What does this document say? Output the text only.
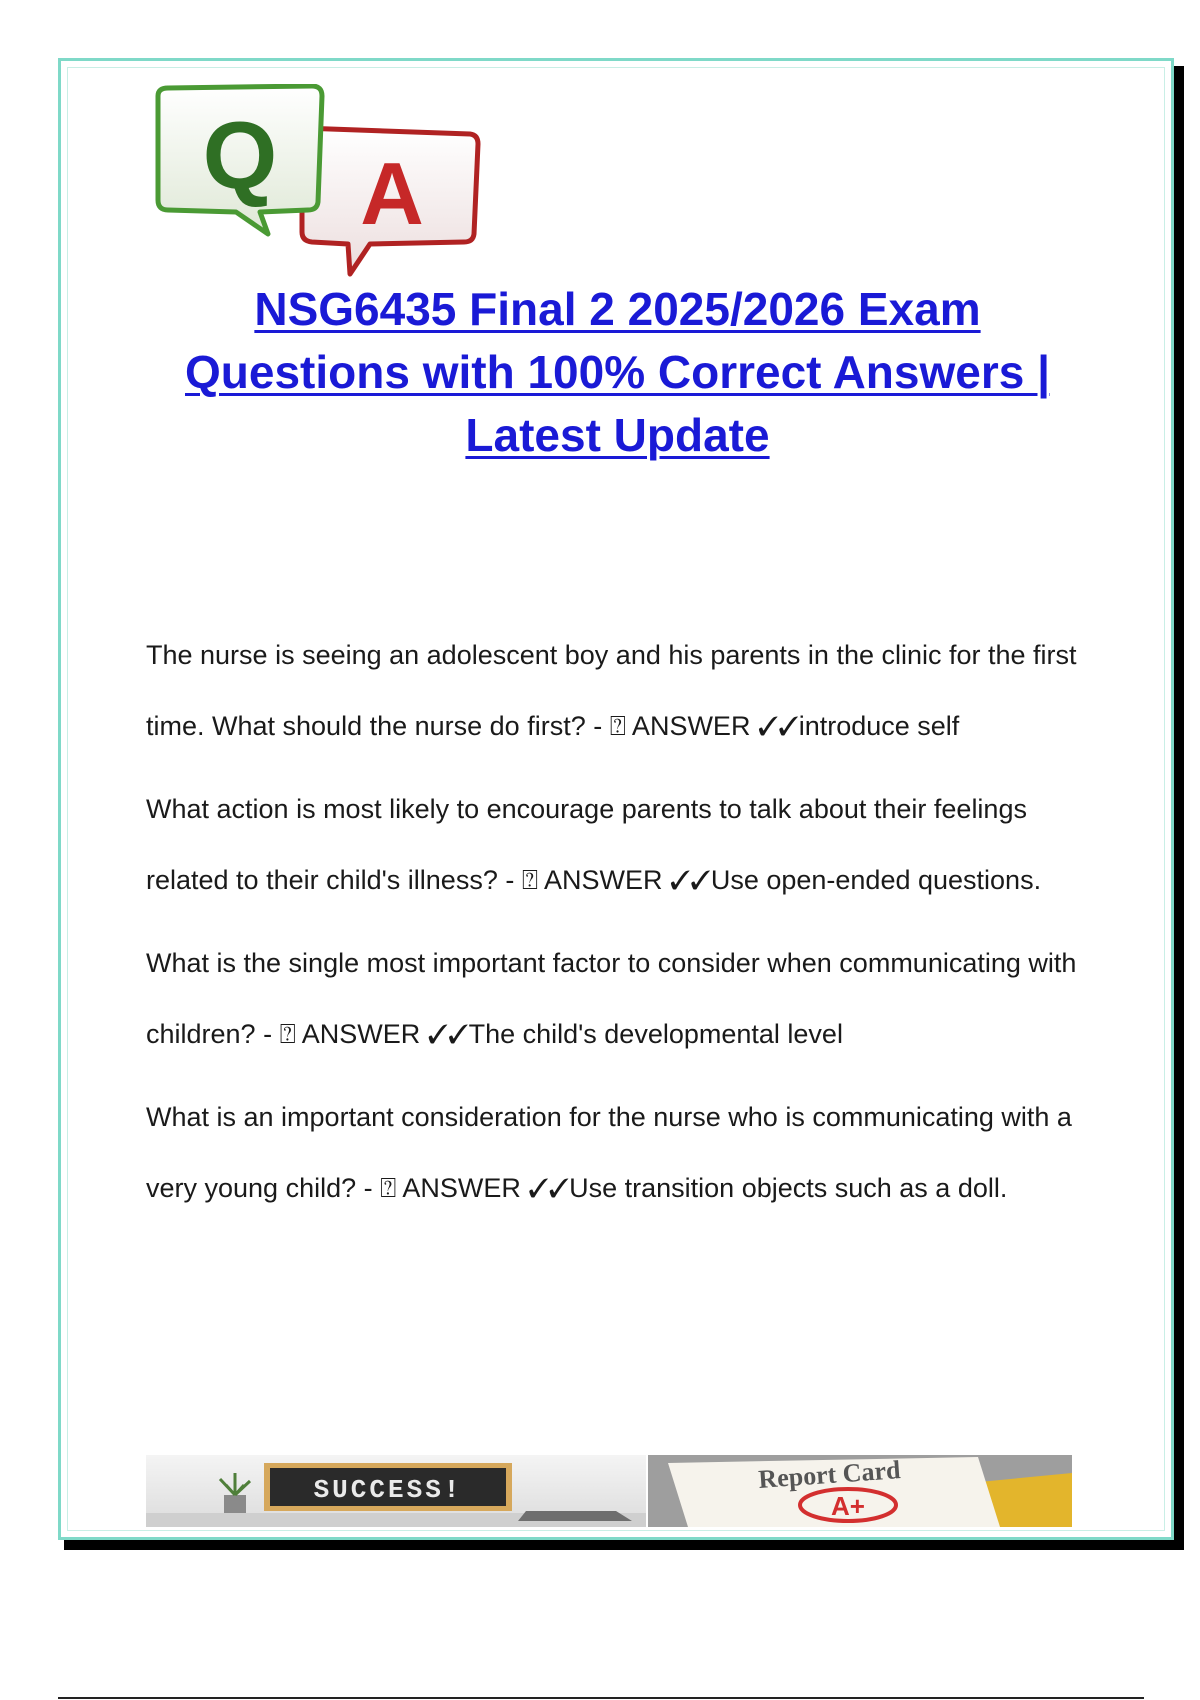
A
Q
NSG6435 Final 2 2025/2026 Exam
Questions with 100% Correct Answers |
Latest Update

The nurse is seeing an adolescent boy and his parents in the clinic for the first time. What should the nurse do first? - ⍰ ANSWER ✓✓introduce self

What action is most likely to encourage parents to talk about their feelings related to their child's illness? - ⍰ ANSWER ✓✓Use open-ended questions.

What is the single most important factor to consider when communicating with children? - ⍰ ANSWER ✓✓The child's developmental level

What is an important consideration for the nurse who is communicating with a very young child? - ⍰ ANSWER ✓✓Use transition objects such as a doll.

SUCCESS!	Report Card
A+
